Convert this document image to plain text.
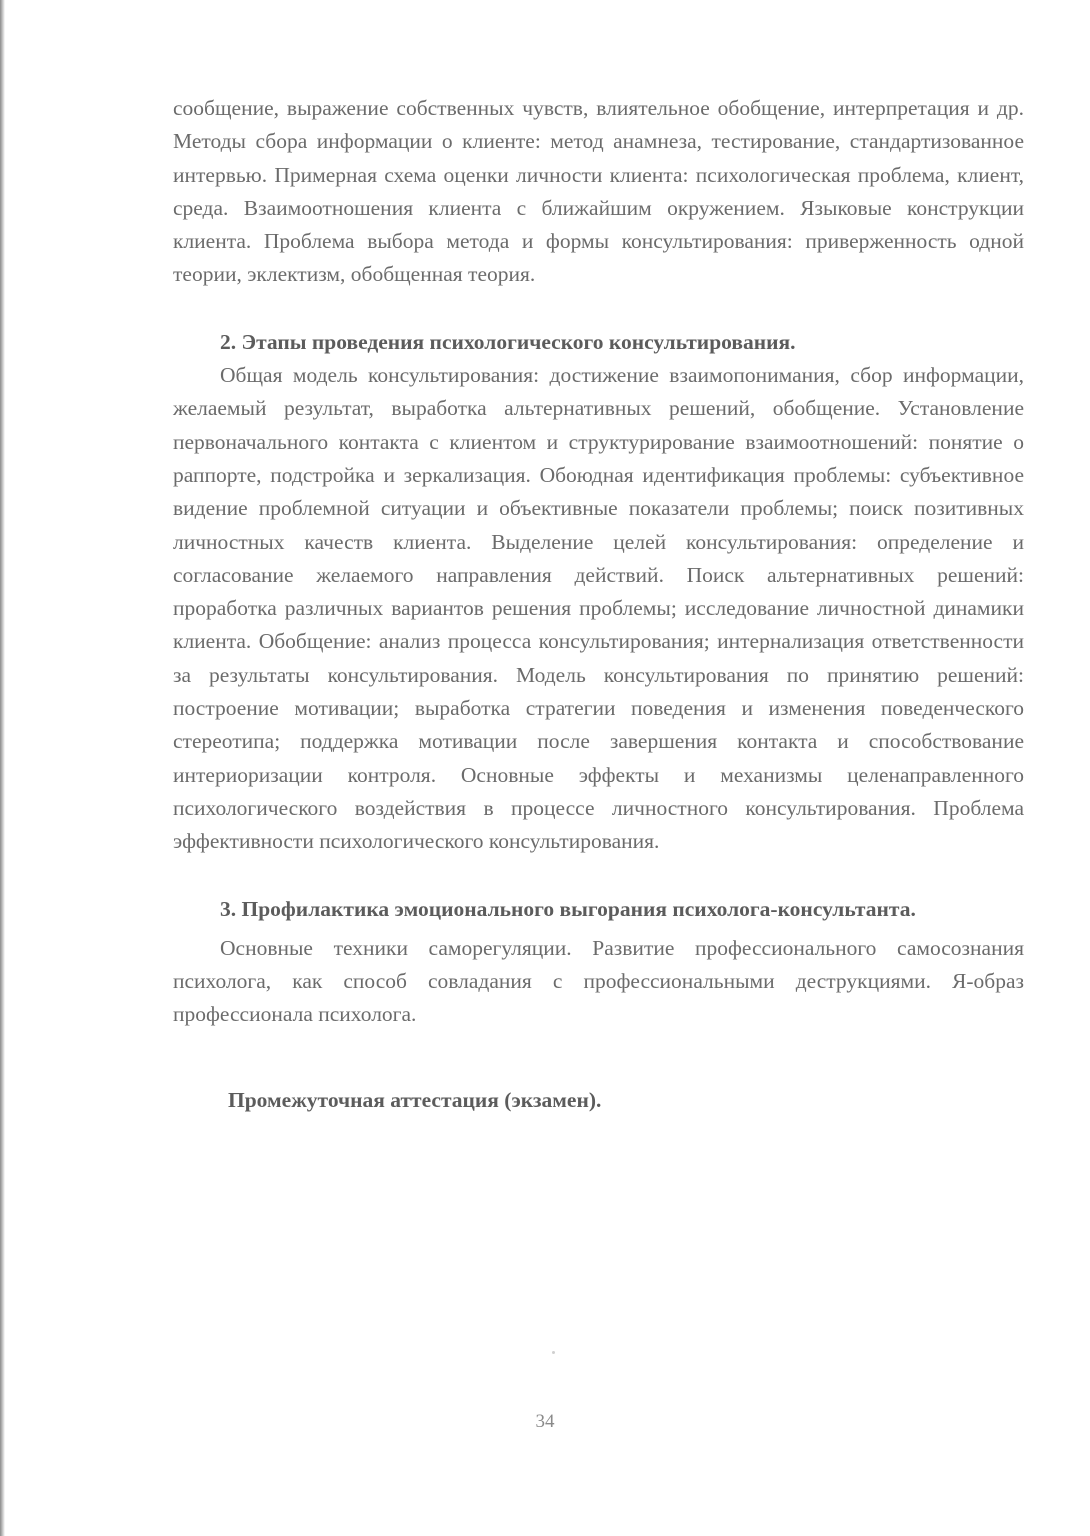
сообщение, выражение собственных чувств, влиятельное обобщение, интерпретация и др. Методы сбора информации о клиенте: метод анамнеза, тестирование, стандартизованное интервью. Примерная схема оценки личности клиента: психологическая проблема, клиент, среда. Взаимоотношения клиента с ближайшим окружением. Языковые конструкции клиента. Проблема выбора метода и формы консультирования: приверженность одной теории, эклектизм, обобщенная теория.

2. Этапы проведения психологического консультирования.

Общая модель консультирования: достижение взаимопонимания, сбор информации, желаемый результат, выработка альтернативных решений, обобщение. Установление первоначального контакта с клиентом и структурирование взаимоотношений: понятие о раппорте, подстройка и зеркализация. Обоюдная идентификация проблемы: субъективное видение проблемной ситуации и объективные показатели проблемы; поиск позитивных личностных качеств клиента. Выделение целей консультирования: определение и согласование желаемого направления действий. Поиск альтернативных решений: проработка различных вариантов решения проблемы; исследование личностной динамики клиента. Обобщение: анализ процесса консультирования; интернализация ответственности за результаты консультирования. Модель консультирования по принятию решений: построение мотивации; выработка стратегии поведения и изменения поведенческого стереотипа; поддержка мотивации после завершения контакта и способствование интериоризации контроля. Основные эффекты и механизмы целенаправленного психологического воздействия в процессе личностного консультирования. Проблема эффективности психологического консультирования.

3. Профилактика эмоционального выгорания психолога-консультанта.

Основные техники саморегуляции. Развитие профессионального самосознания психолога, как способ совладания с профессиональными деструкциями. Я-образ профессионала психолога.

Промежуточная аттестация (экзамен).

34
